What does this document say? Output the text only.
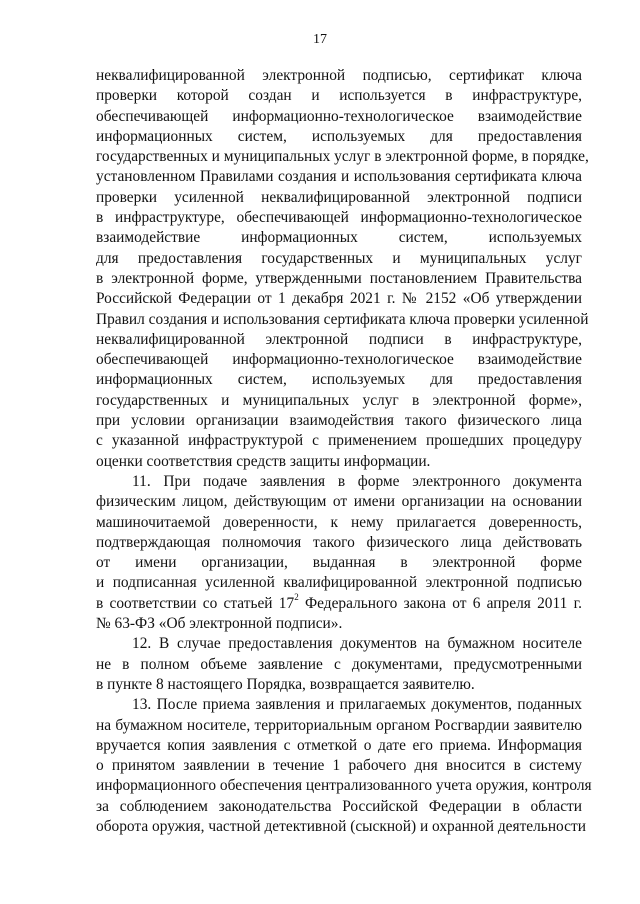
17
неквалифицированной электронной подписью, сертификат ключа
проверки которой создан и используется в инфраструктуре,
обеспечивающей информационно-технологическое взаимодействие
информационных систем, используемых для предоставления
государственных и муниципальных услуг в электронной форме, в порядке,
установленном Правилами создания и использования сертификата ключа
проверки усиленной неквалифицированной электронной подписи
в инфраструктуре, обеспечивающей информационно-технологическое
взаимодействие информационных систем, используемых
для предоставления государственных и муниципальных услуг
в электронной форме, утвержденными постановлением Правительства
Российской Федерации от 1 декабря 2021 г. № 2152 «Об утверждении
Правил создания и использования сертификата ключа проверки усиленной
неквалифицированной электронной подписи в инфраструктуре,
обеспечивающей информационно-технологическое взаимодействие
информационных систем, используемых для предоставления
государственных и муниципальных услуг в электронной форме»,
при условии организации взаимодействия такого физического лица
с указанной инфраструктурой с применением прошедших процедуру
оценки соответствия средств защиты информации.
11. При подаче заявления в форме электронного документа
физическим лицом, действующим от имени организации на основании
машиночитаемой доверенности, к нему прилагается доверенность,
подтверждающая полномочия такого физического лица действовать
от имени организации, выданная в электронной форме
и подписанная усиленной квалифицированной электронной подписью
в соответствии со статьей $17^2$ Федерального закона от 6 апреля 2011 г.
№ 63-ФЗ «Об электронной подписи».
12. В случае предоставления документов на бумажном носителе
не в полном объеме заявление с документами, предусмотренными
в пункте 8 настоящего Порядка, возвращается заявителю.
13. После приема заявления и прилагаемых документов, поданных
на бумажном носителе, территориальным органом Росгвардии заявителю
вручается копия заявления с отметкой о дате его приема. Информация
о принятом заявлении в течение 1 рабочего дня вносится в систему
информационного обеспечения централизованного учета оружия, контроля
за соблюдением законодательства Российской Федерации в области
оборота оружия, частной детективной (сыскной) и охранной деятельности
